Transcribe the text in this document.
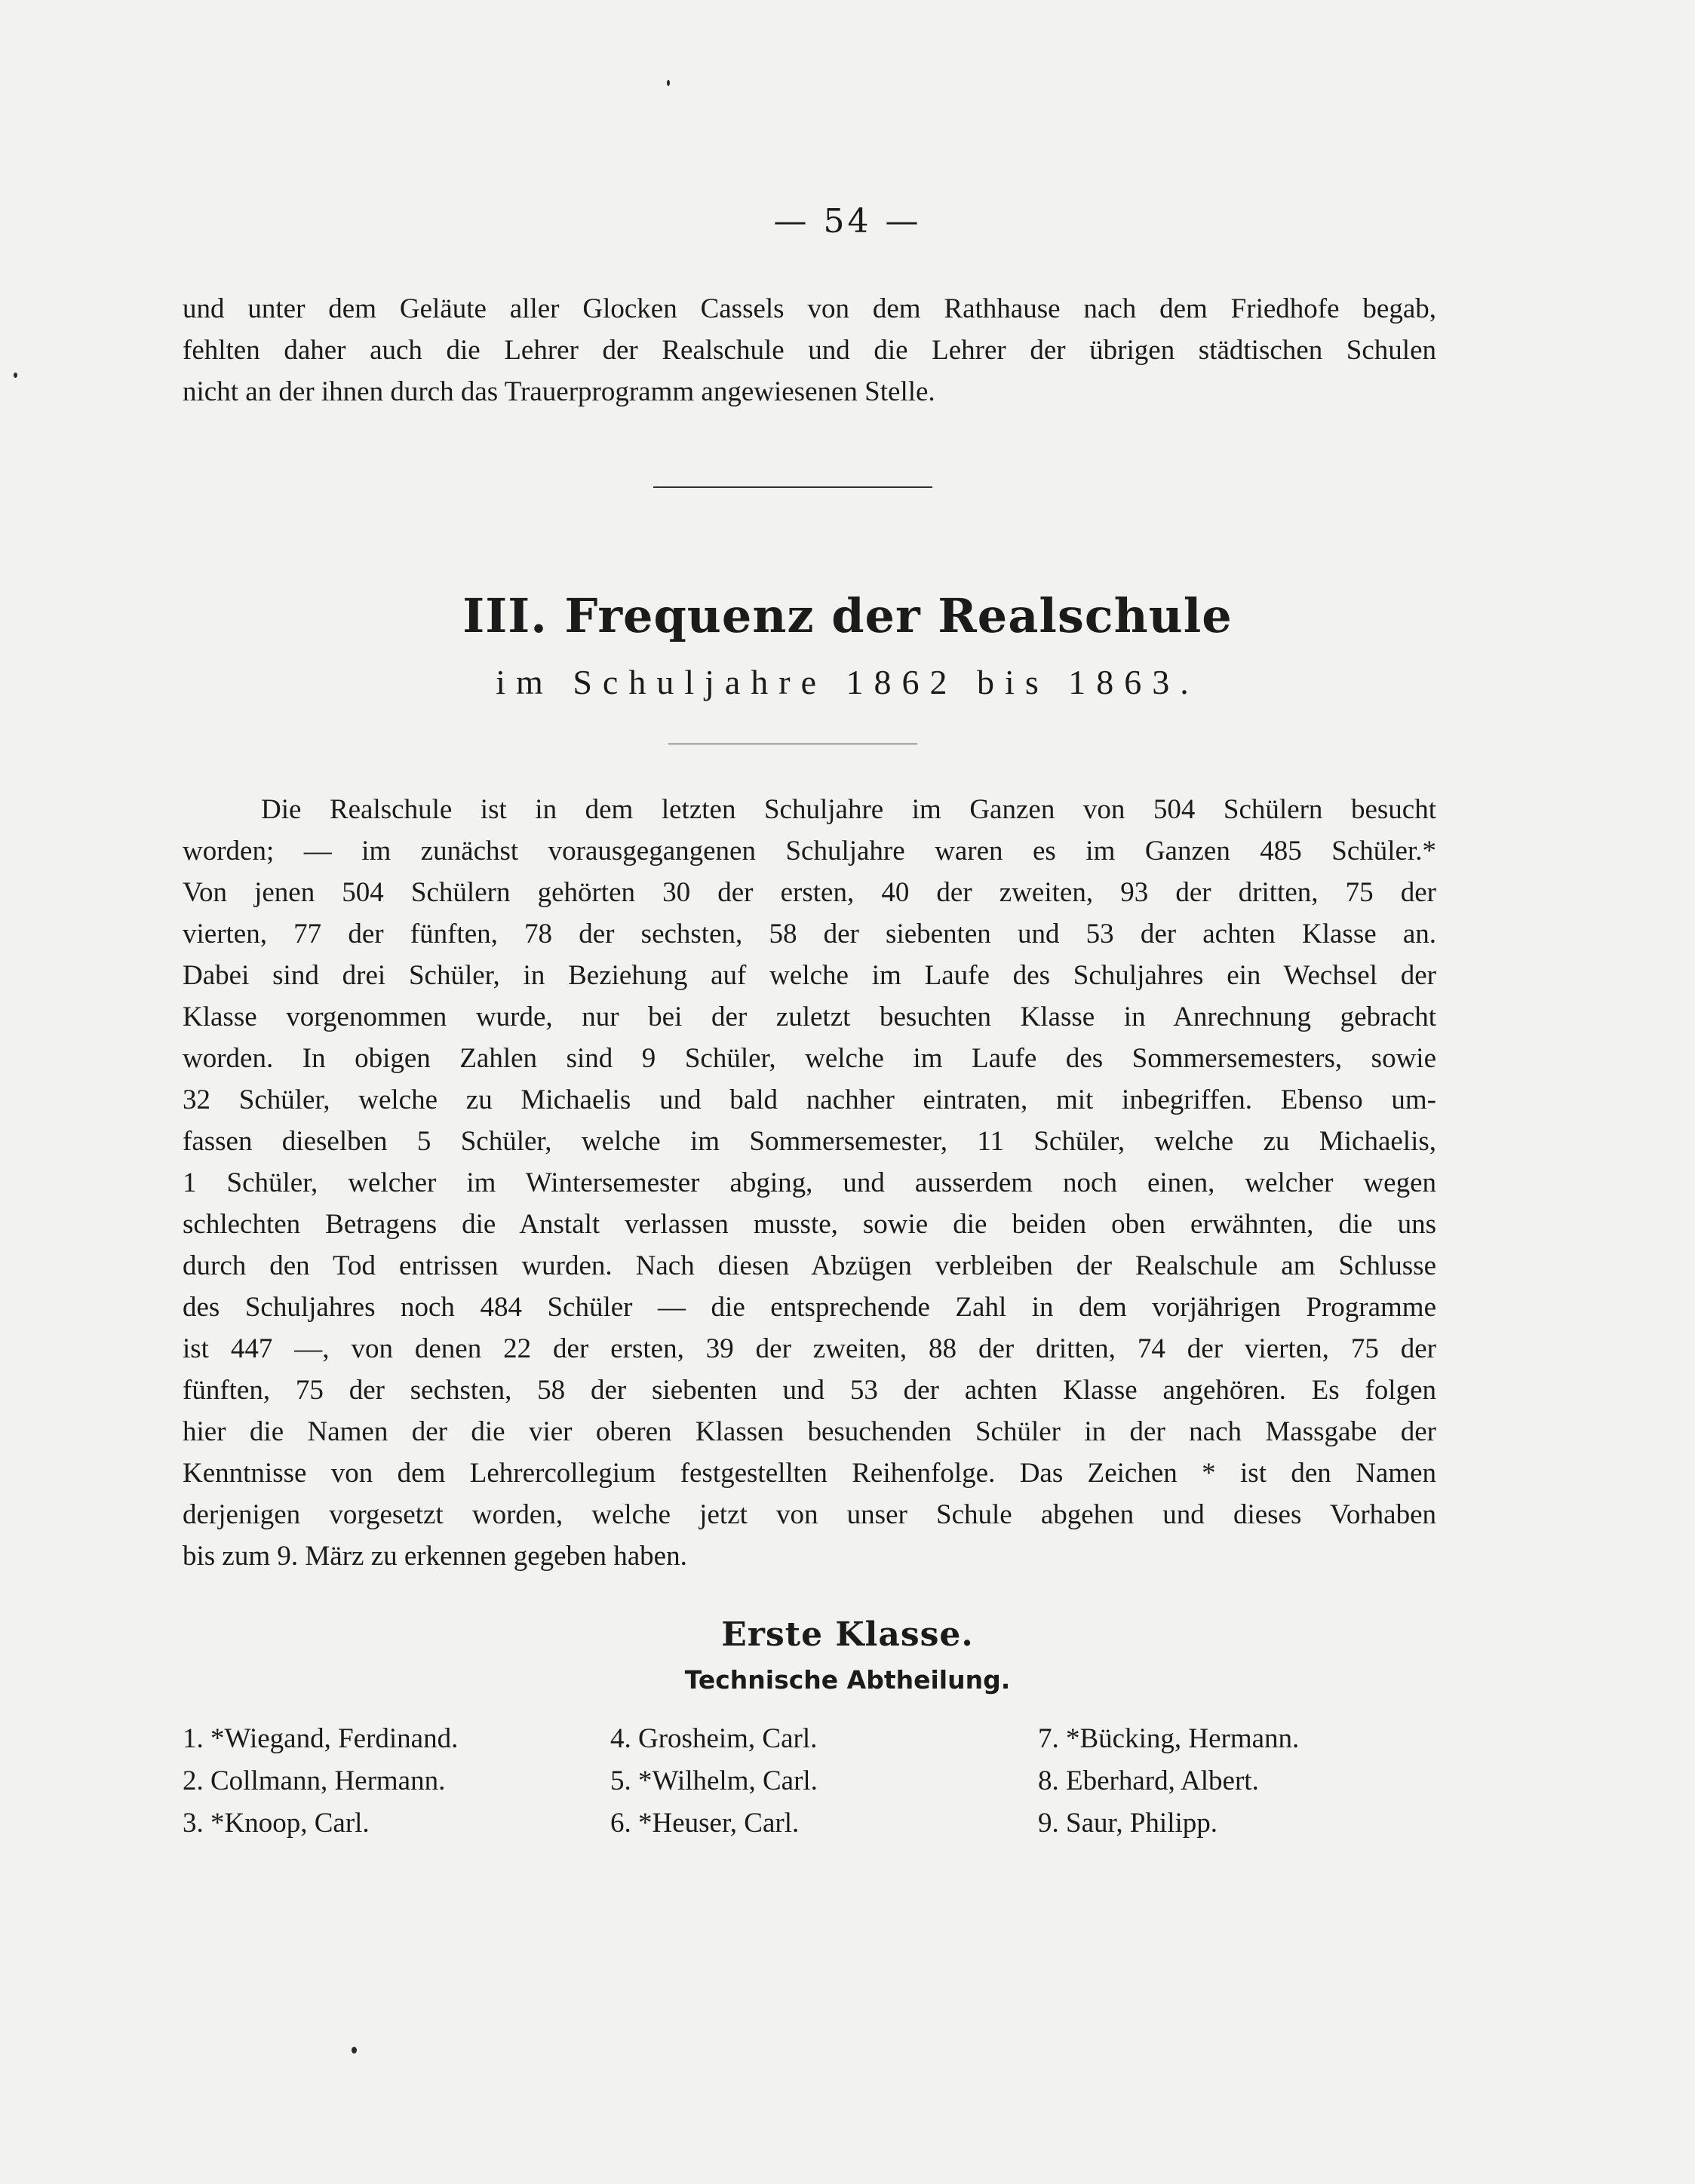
— 54 —
und unter dem Geläute aller Glocken Cassels von dem Rathhause nach dem Friedhofe begab,
fehlten daher auch die Lehrer der Realschule und die Lehrer der übrigen städtischen Schulen
nicht an der ihnen durch das Trauerprogramm angewiesenen Stelle.
III. Frequenz der Realschule
im Schuljahre 1862 bis 1863.
Die Realschule ist in dem letzten Schuljahre im Ganzen von 504 Schülern besucht
worden; — im zunächst vorausgegangenen Schuljahre waren es im Ganzen 485 Schüler.*
Von jenen 504 Schülern gehörten 30 der ersten, 40 der zweiten, 93 der dritten, 75 der
vierten, 77 der fünften, 78 der sechsten, 58 der siebenten und 53 der achten Klasse an.
Dabei sind drei Schüler, in Beziehung auf welche im Laufe des Schuljahres ein Wechsel der
Klasse vorgenommen wurde, nur bei der zuletzt besuchten Klasse in Anrechnung gebracht
worden. In obigen Zahlen sind 9 Schüler, welche im Laufe des Sommersemesters, sowie
32 Schüler, welche zu Michaelis und bald nachher eintraten, mit inbegriffen. Ebenso um-
fassen dieselben 5 Schüler, welche im Sommersemester, 11 Schüler, welche zu Michaelis,
1 Schüler, welcher im Wintersemester abging, und ausserdem noch einen, welcher wegen
schlechten Betragens die Anstalt verlassen musste, sowie die beiden oben erwähnten, die uns
durch den Tod entrissen wurden. Nach diesen Abzügen verbleiben der Realschule am Schlusse
des Schuljahres noch 484 Schüler — die entsprechende Zahl in dem vorjährigen Programme
ist 447 —, von denen 22 der ersten, 39 der zweiten, 88 der dritten, 74 der vierten, 75 der
fünften, 75 der sechsten, 58 der siebenten und 53 der achten Klasse angehören. Es folgen
hier die Namen der die vier oberen Klassen besuchenden Schüler in der nach Massgabe der
Kenntnisse von dem Lehrercollegium festgestellten Reihenfolge. Das Zeichen * ist den Namen
derjenigen vorgesetzt worden, welche jetzt von unser Schule abgehen und dieses Vorhaben
bis zum 9. März zu erkennen gegeben haben.
Erste Klasse.
Technische Abtheilung.
1. *Wiegand, Ferdinand.
2. Collmann, Hermann.
3. *Knoop, Carl.
4. Grosheim, Carl.
5. *Wilhelm, Carl.
6. *Heuser, Carl.
7. *Bücking, Hermann.
8. Eberhard, Albert.
9. Saur, Philipp.
